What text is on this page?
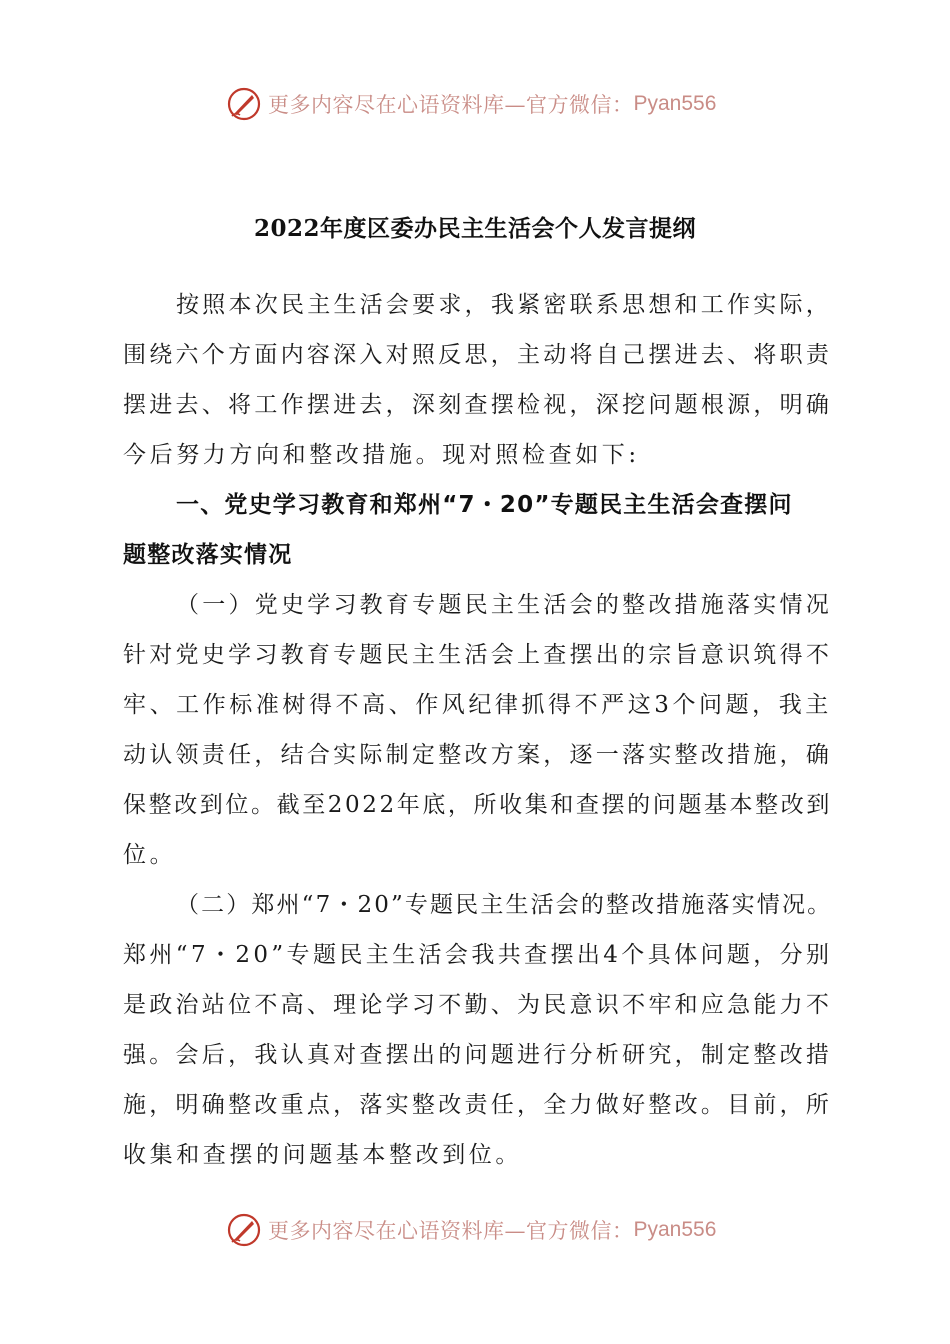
更多内容尽在心语资料库—官方微信： Pyan556
2022年度区委办民主生活会个人发言提纲
按照本次民主生活会要求，我紧密联系思想和工作实际，
围绕六个方面内容深入对照反思，主动将自己摆进去、将职责
摆进去、将工作摆进去，深刻查摆检视，深挖问题根源，明确
今后努力方向和整改措施。现对照检查如下:
一、党史学习教育和郑州“7・20”专题民主生活会查摆问
题整改落实情况
（一）党史学习教育专题民主生活会的整改措施落实情况
针对党史学习教育专题民主生活会上查摆出的宗旨意识筑得不
牢、工作标准树得不高、作风纪律抓得不严这3个问题，我主
动认领责任，结合实际制定整改方案，逐一落实整改措施，确
保整改到位。截至2022年底，所收集和查摆的问题基本整改到
位。
（二）郑州“7・20”专题民主生活会的整改措施落实情况。
郑州“7・20”专题民主生活会我共查摆出4个具体问题，分别
是政治站位不高、理论学习不勤、为民意识不牢和应急能力不
强。会后，我认真对查摆出的问题进行分析研究，制定整改措
施，明确整改重点，落实整改责任，全力做好整改。目前，所
收集和查摆的问题基本整改到位。
更多内容尽在心语资料库—官方微信： Pyan556
